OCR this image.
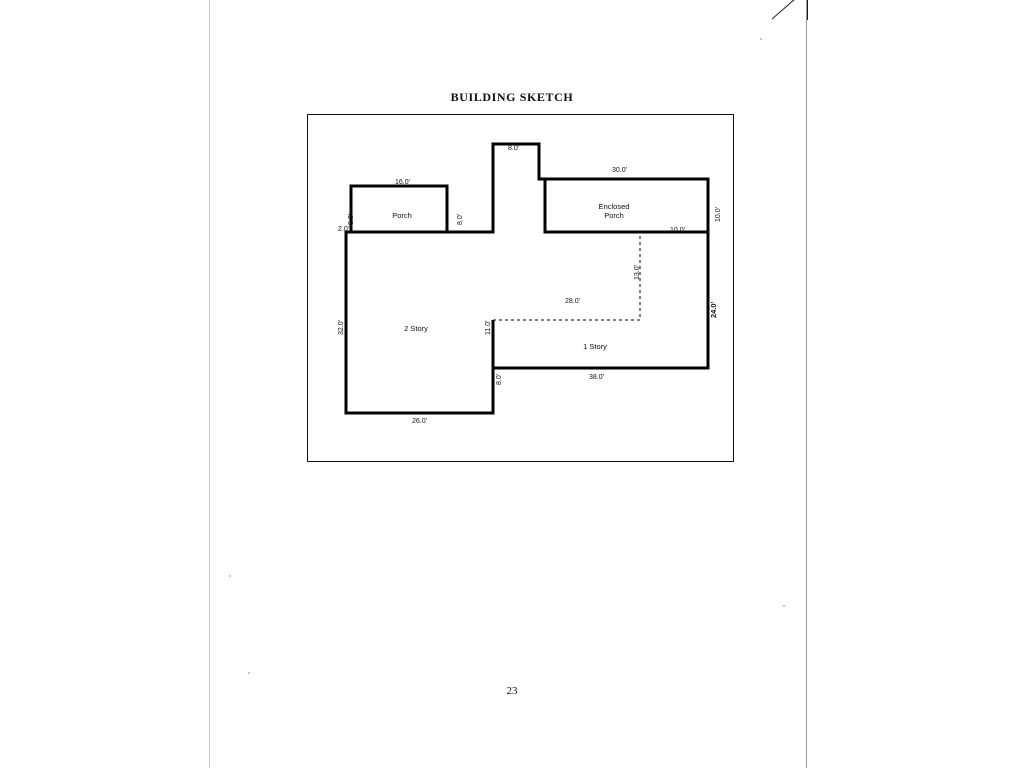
BUILDING SKETCH
16.0'
8.0'	8.0'
2.0'
8.0'
30.0'
10.0'
10.0'
32.0'
24.0'
13.0'
28.0'
11.0'
8.0'
26.0'
38.0'
Porch
Enclosed
Porch
2 Story
1 Story
23
